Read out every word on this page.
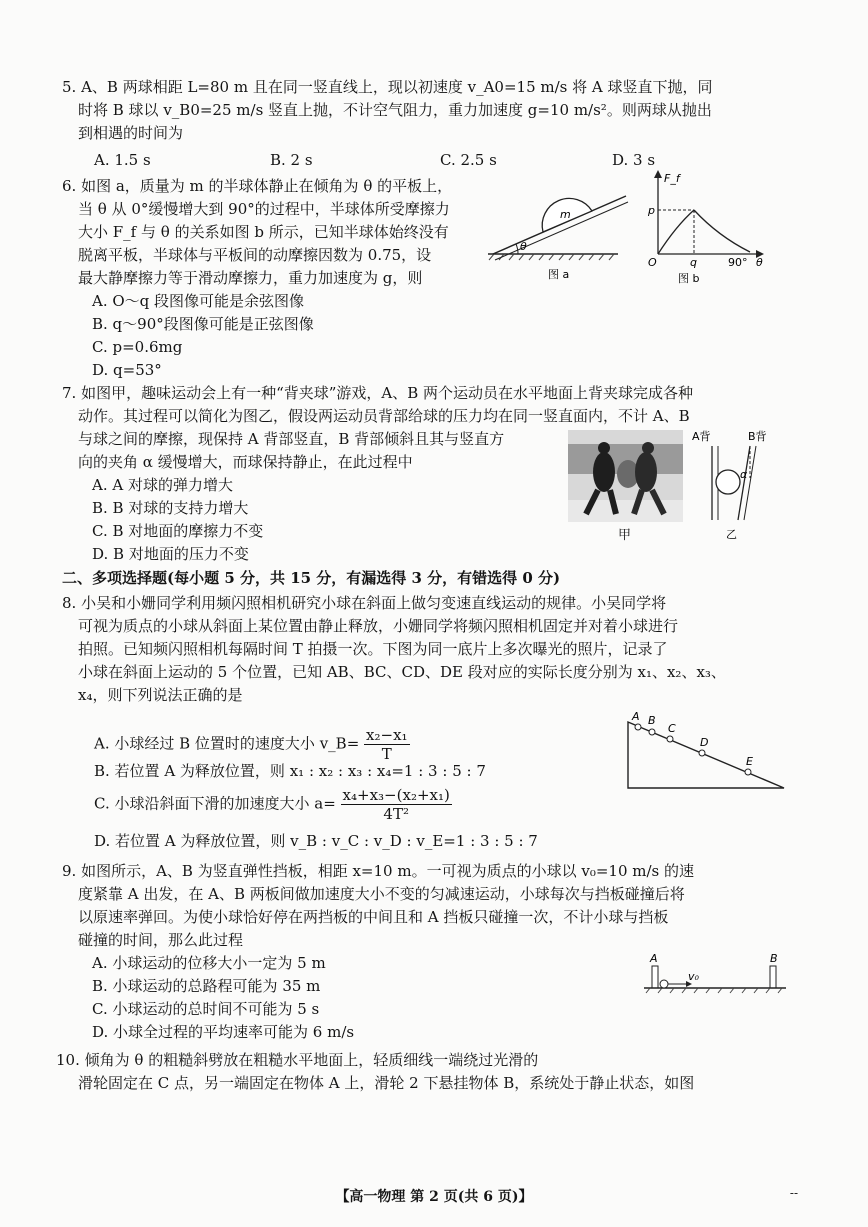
5. A、B 两球相距 L=80 m 且在同一竖直线上，现以初速度 v_A0=15 m/s 将 A 球竖直下抛，同
时将 B 球以 v_B0=25 m/s 竖直上抛，不计空气阻力，重力加速度 g=10 m/s²。则两球从抛出
到相遇的时间为
A. 1.5 s	B. 2 s	C. 2.5 s	D. 3 s
6. 如图 a，质量为 m 的半球体静止在倾角为 θ 的平板上，
当 θ 从 0°缓慢增大到 90°的过程中，半球体所受摩擦力
大小 F_f 与 θ 的关系如图 b 所示，已知半球体始终没有
脱离平板，半球体与平板间的动摩擦因数为 0.75，设
最大静摩擦力等于滑动摩擦力，重力加速度为 g，则
A. O～q 段图像可能是余弦图像
B. q～90°段图像可能是正弦图像
C. p=0.6mg
D. q=53°
θ
m
图 a
F_f
p
O	q	90° θ
图 b
7. 如图甲，趣味运动会上有一种“背夹球”游戏，A、B 两个运动员在水平地面上背夹球完成各种
动作。其过程可以简化为图乙，假设两运动员背部给球的压力均在同一竖直面内，不计 A、B
与球之间的摩擦，现保持 A 背部竖直，B 背部倾斜且其与竖直方
向的夹角 α 缓慢增大，而球保持静止，在此过程中
A. A 对球的弹力增大
B. B 对球的支持力增大
C. B 对地面的摩擦力不变
D. B 对地面的压力不变
甲
A背	B背
α
乙
二、多项选择题(每小题 5 分，共 15 分，有漏选得 3 分，有错选得 0 分)
8. 小吴和小姗同学利用频闪照相机研究小球在斜面上做匀变速直线运动的规律。小吴同学将
可视为质点的小球从斜面上某位置由静止释放，小姗同学将频闪照相机固定并对着小球进行
拍照。已知频闪照相机每隔时间 T 拍摄一次。下图为同一底片上多次曝光的照片，记录了
小球在斜面上运动的 5 个位置，已知 AB、BC、CD、DE 段对应的实际长度分别为 x₁、x₂、x₃、
x₄，则下列说法正确的是
A. 小球经过 B 位置时的速度大小 v_B= $\frac{\text{x₂−x₁}}{T}$
B. 若位置 A 为释放位置，则 x₁ : x₂ : x₃ : x₄=1 : 3 : 5 : 7
C. 小球沿斜面下滑的加速度大小 $a= \frac{\text{x₄+x₃−(x₂+x₁)}}{\text{4T²}}$
D. 若位置 A 为释放位置，则 v_B : v_C : v_D : v_E=1 : 3 : 5 : 7
A B
C
D
E
9. 如图所示，A、B 为竖直弹性挡板，相距 x=10 m。一可视为质点的小球以 v₀=10 m/s 的速
度紧靠 A 出发，在 A、B 两板间做加速度大小不变的匀减速运动，小球每次与挡板碰撞后将
以原速率弹回。为使小球恰好停在两挡板的中间且和 A 挡板只碰撞一次，不计小球与挡板
碰撞的时间，那么此过程
A. 小球运动的位移大小一定为 5 m
B. 小球运动的总路程可能为 35 m
C. 小球运动的总时间不可能为 5 s
D. 小球全过程的平均速率可能为 6 m/s
A	B
v₀
10. 倾角为 θ 的粗糙斜劈放在粗糙水平地面上，轻质细线一端绕过光滑的
滑轮固定在 C 点，另一端固定在物体 A 上，滑轮 2 下悬挂物体 B，系统处于静止状态，如图
【高一物理 第 2 页(共 6 页)】	--
